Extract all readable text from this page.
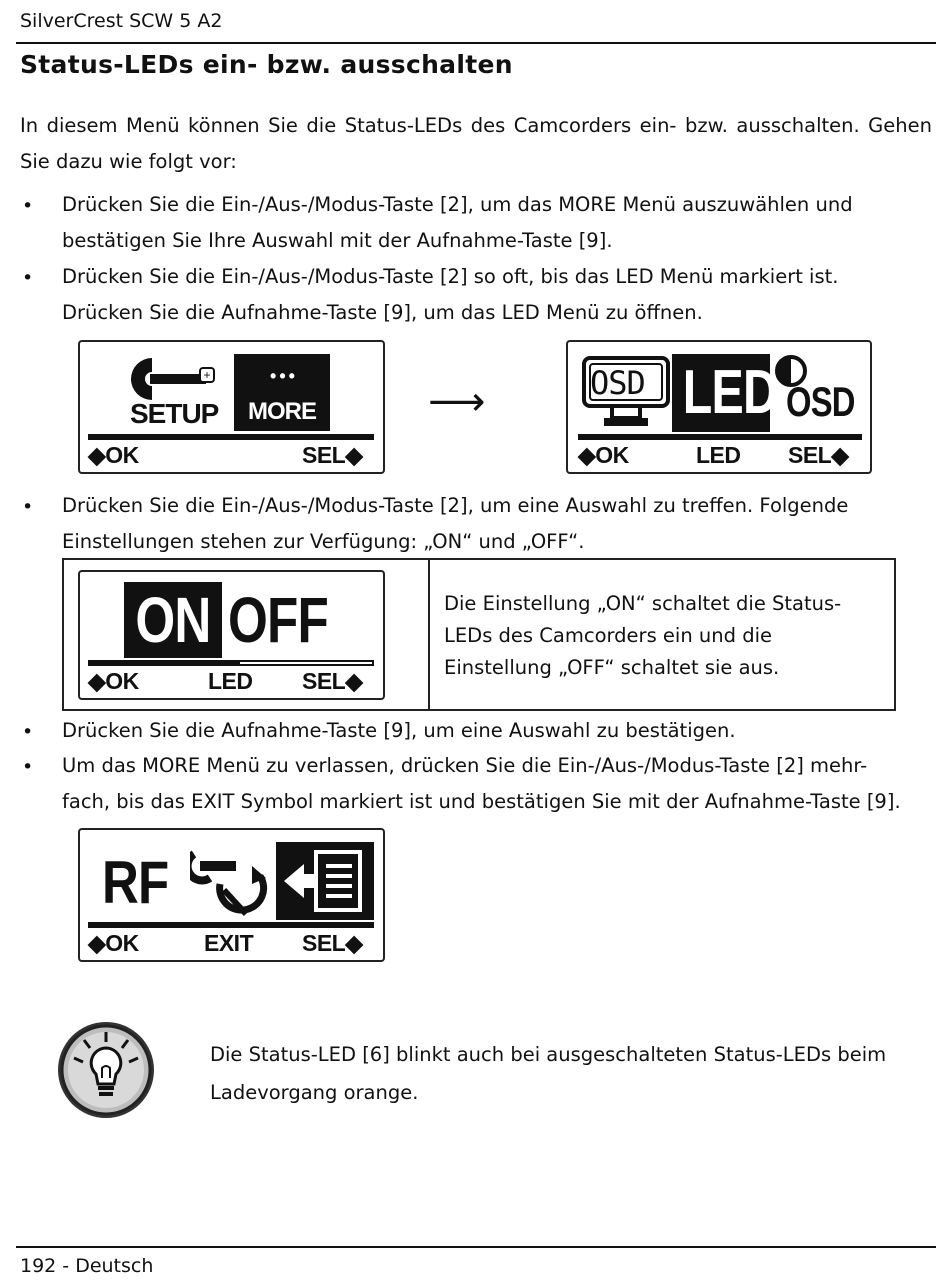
SilverCrest SCW 5 A2
Status-LEDs ein- bzw. ausschalten
In diesem Menü können Sie die Status-LEDs des Camcorders ein- bzw. ausschalten. Gehen
Sie dazu wie folgt vor:
• Drücken Sie die Ein-/Aus-/Modus-Taste [2], um das MORE Menü auszuwählen und
bestätigen Sie Ihre Auswahl mit der Aufnahme-Taste [9].
• Drücken Sie die Ein-/Aus-/Modus-Taste [2] so oft, bis das LED Menü markiert ist.
Drücken Sie die Aufnahme-Taste [9], um das LED Menü zu öffnen.
+
SETUP
• • •
MORE
◆OK	SEL◆
⟶	OSD LED OSD
◆OK	LED SEL◆
• Drücken Sie die Ein-/Aus-/Modus-Taste [2], um eine Auswahl zu treffen. Folgende
Einstellungen stehen zur Verfügung: „ON“ und „OFF“.
ON OFF
◆OK	LED SEL◆
Die Einstellung „ON“ schaltet die Status-
LEDs des Camcorders ein und die
Einstellung „OFF“ schaltet sie aus.
• Drücken Sie die Aufnahme-Taste [9], um eine Auswahl zu bestätigen.
• Um das MORE Menü zu verlassen, drücken Sie die Ein-/Aus-/Modus-Taste [2] mehr-
fach, bis das EXIT Symbol markiert ist und bestätigen Sie mit der Aufnahme-Taste [9].
RF
◆OK	EXIT SEL◆
Die Status-LED [6] blinkt auch bei ausgeschalteten Status-LEDs beim
Ladevorgang orange.
192 - Deutsch
